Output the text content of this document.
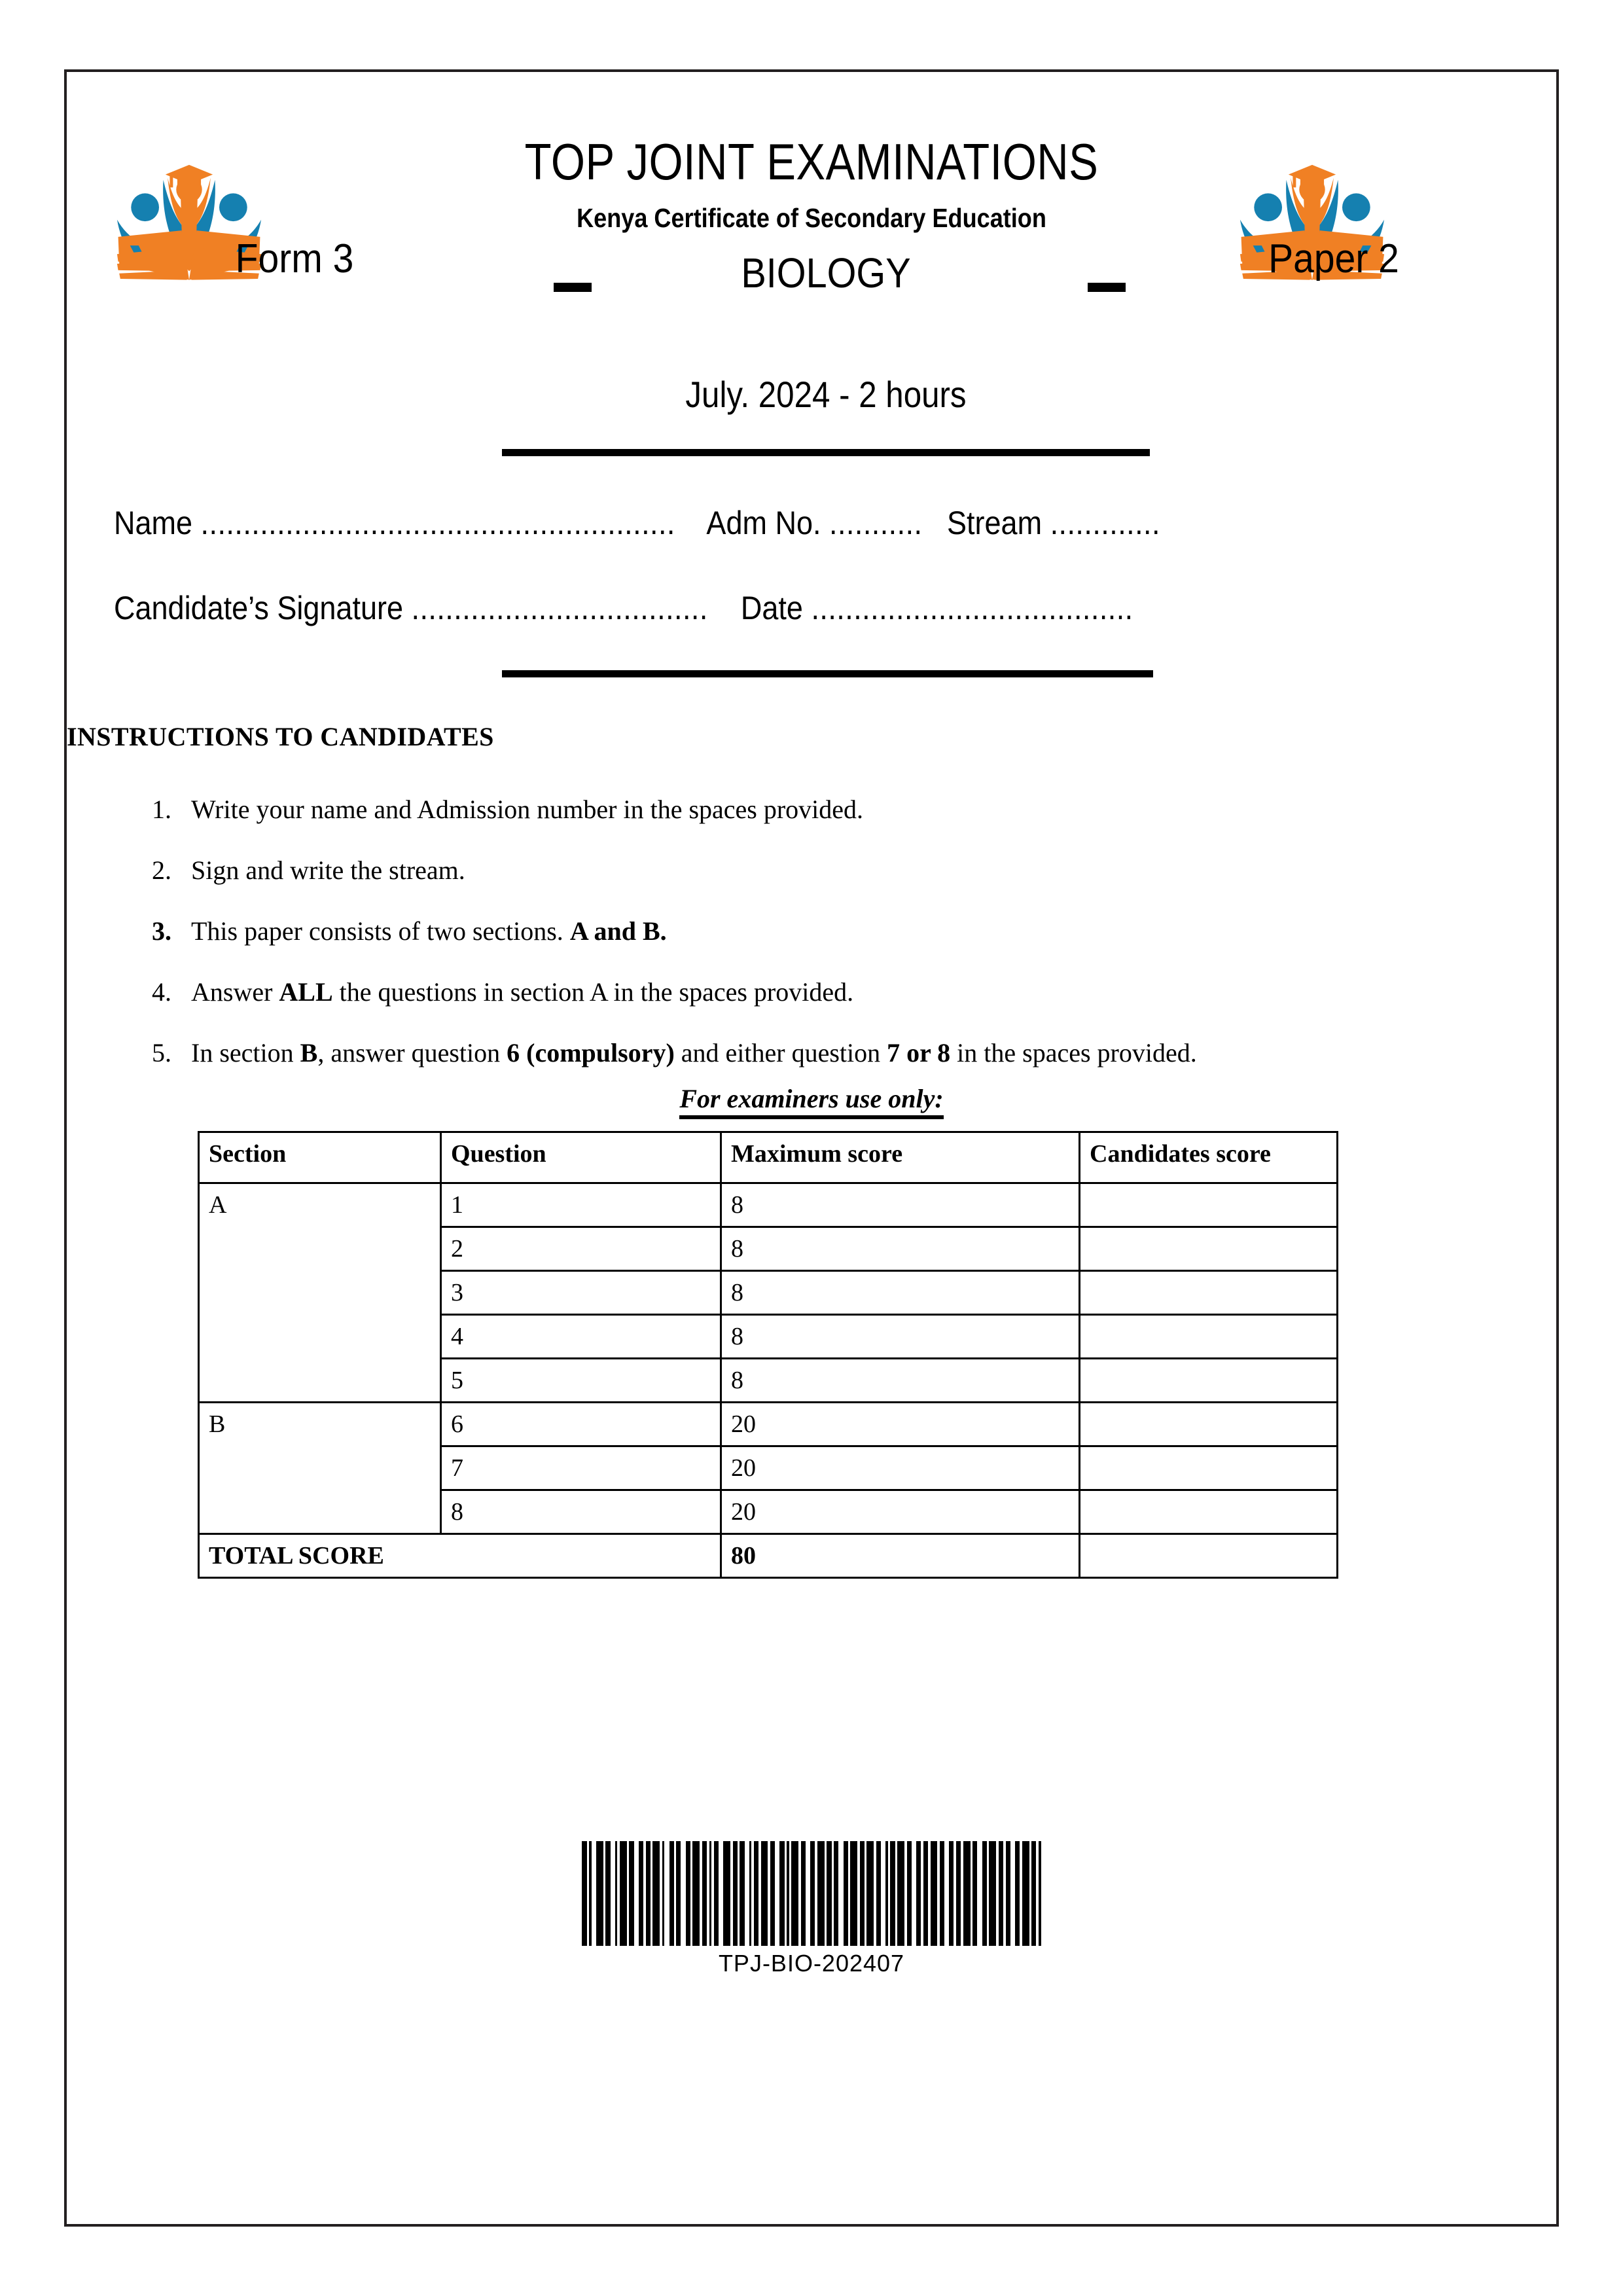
TOP JOINT EXAMINATIONS
Kenya Certificate of Secondary Education
Form 3	BIOLOGY	Paper 2
July. 2024 - 2 hours
Name ........................................................ Adm No. ........... Stream .............
Candidate’s Signature ................................... Date ......................................
INSTRUCTIONS TO CANDIDATES
1. Write your name and Admission number in the spaces provided.
2. Sign and write the stream.
3. This paper consists of two sections. A and B.
4. Answer ALL the questions in section A in the spaces provided.
5. In section B, answer question 6 (compulsory) and either question 7 or 8 in the spaces provided.
For examiners use only:
Section	Question	Maximum score	Candidates score
A	1	8	
	2	8	
	3	8	
	4	8	
	5	8	
B	6	20	
	7	20	
	8	20	
TOTAL SCORE		80	
TPJ-BIO-202407
